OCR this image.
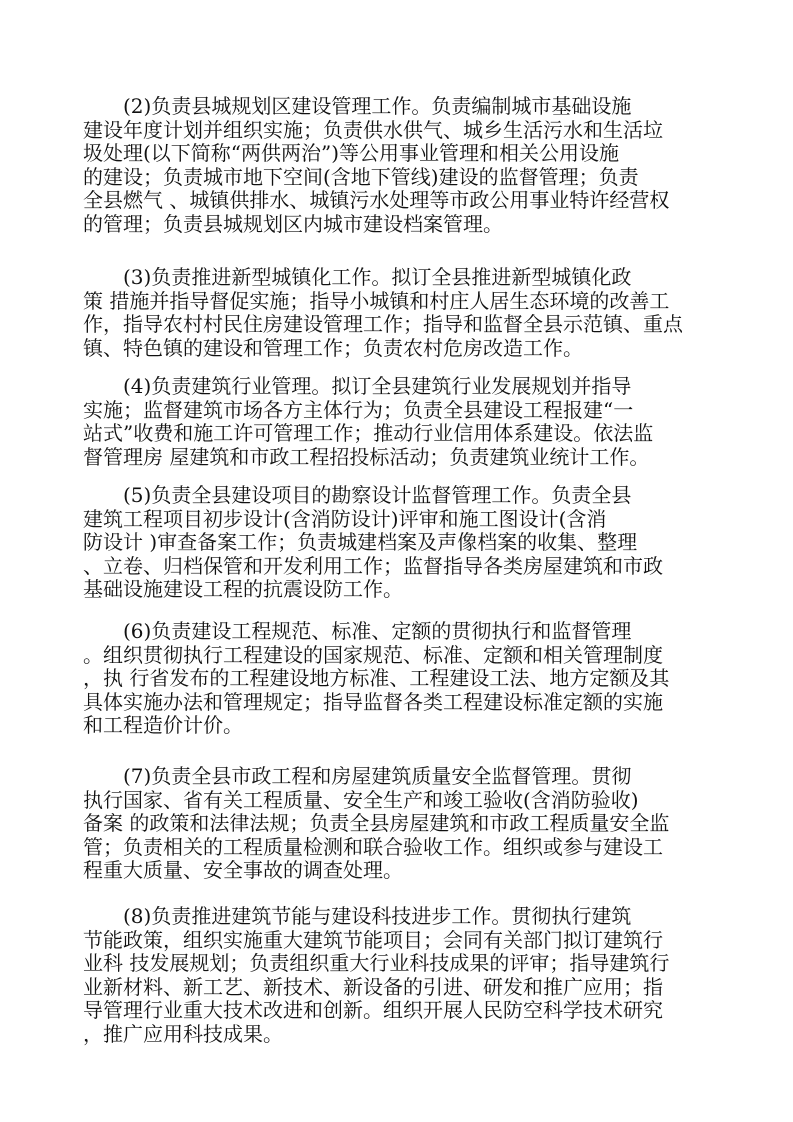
(2)负责县城规划区建设管理工作。负责编制城市基础设施
建设年度计划并组织实施；负责供水供气、城乡生活污水和生活垃
圾处理(以下简称“两供两治”)等公用事业管理和相关公用设施
的建设；负责城市地下空间(含地下管线)建设的监督管理；负责
全县燃气 、城镇供排水、城镇污水处理等市政公用事业特许经营权
的管理；负责县城规划区内城市建设档案管理。
(3)负责推进新型城镇化工作。拟订全县推进新型城镇化政
策 措施并指导督促实施；指导小城镇和村庄人居生态环境的改善工
作，指导农村村民住房建设管理工作；指导和监督全县示范镇、重点
镇、特色镇的建设和管理工作；负责农村危房改造工作。
(4)负责建筑行业管理。拟订全县建筑行业发展规划并指导
实施；监督建筑市场各方主体行为；负责全县建设工程报建“一
站式”收费和施工许可管理工作；推动行业信用体系建设。依法监
督管理房 屋建筑和市政工程招投标活动；负责建筑业统计工作。
(5)负责全县建设项目的勘察设计监督管理工作。负责全县
建筑工程项目初步设计(含消防设计)评审和施工图设计(含消
防设计 )审查备案工作；负责城建档案及声像档案的收集、整理
、立卷、归档保管和开发利用工作；监督指导各类房屋建筑和市政
基础设施建设工程的抗震设防工作。
(6)负责建设工程规范、标准、定额的贯彻执行和监督管理
。组织贯彻执行工程建设的国家规范、标准、定额和相关管理制度
，执 行省发布的工程建设地方标准、工程建设工法、地方定额及其
具体实施办法和管理规定；指导监督各类工程建设标准定额的实施
和工程造价计价。
(7)负责全县市政工程和房屋建筑质量安全监督管理。贯彻
执行国家、省有关工程质量、安全生产和竣工验收(含消防验收)
备案 的政策和法律法规；负责全县房屋建筑和市政工程质量安全监
管；负责相关的工程质量检测和联合验收工作。组织或参与建设工
程重大质量、安全事故的调查处理。
(8)负责推进建筑节能与建设科技进步工作。贯彻执行建筑
节能政策，组织实施重大建筑节能项目；会同有关部门拟订建筑行
业科 技发展规划；负责组织重大行业科技成果的评审；指导建筑行
业新材料、新工艺、新技术、新设备的引进、研发和推广应用；指
导管理行业重大技术改进和创新。组织开展人民防空科学技术研究
，推广应用科技成果。
